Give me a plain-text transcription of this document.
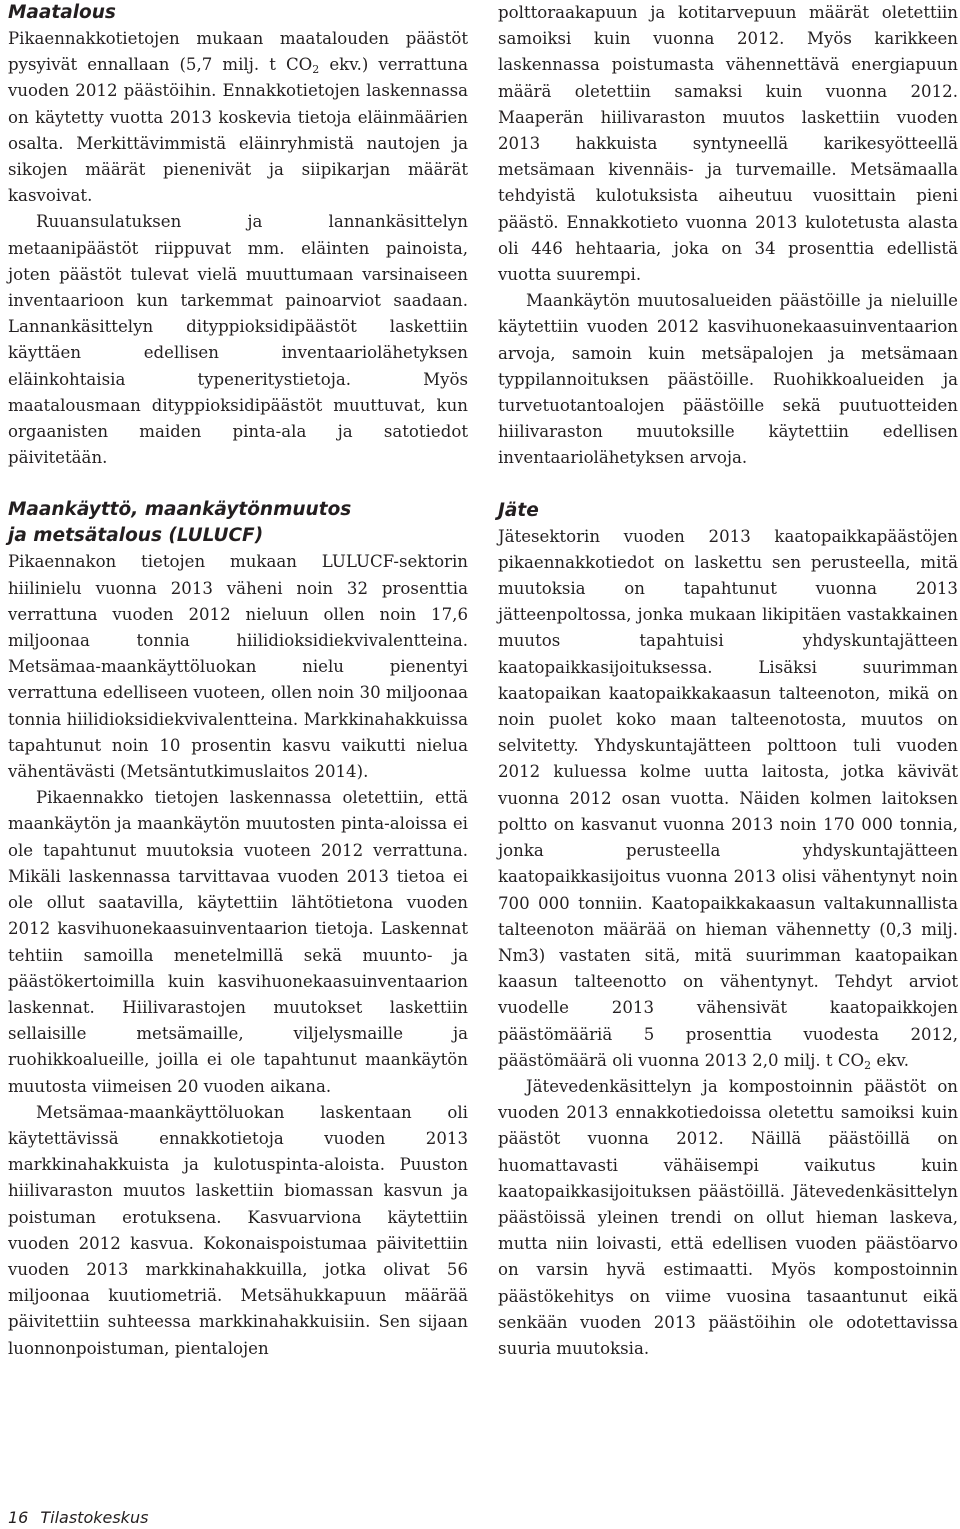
Maatalous

Pikaennakkotietojen mukaan maatalouden päästöt pysyivät ennallaan (5,7 milj. t $CO_2$ ekv.) verrattuna vuoden 2012 päästöihin. Ennakkotietojen laskennassa on käytetty vuotta 2013 koskevia tietoja eläinmäärien osalta. Merkittävimmistä eläinryhmistä nautojen ja sikojen määrät pienenivät ja siipikarjan määrät kasvoivat.

Ruuansulatuksen ja lannankäsittelyn metaanipäästöt riippuvat mm. eläinten painoista, joten päästöt tulevat vielä muuttumaan varsinaiseen inventaarioon kun tarkemmat painoarviot saadaan. Lannankäsittelyn dityppioksidipäästöt laskettiin käyttäen edellisen inventaariolähetyksen eläinkohtaisia typeneritystietoja. Myös maatalousmaan dityppioksidipäästöt muuttuvat, kun orgaanisten maiden pinta-ala ja satotiedot päivitetään.

Maankäyttö, maankäytönmuutos
ja metsätalous (LULUCF)

Pikaennakon tietojen mukaan LULUCF-sektorin hiilinielu vuonna 2013 väheni noin 32 prosenttia verrattuna vuoden 2012 nieluun ollen noin 17,6 miljoonaa tonnia hiilidioksidiekvivalentteina. Metsämaa-maankäyttöluokan nielu pienentyi verrattuna edelliseen vuoteen, ollen noin 30 miljoonaa tonnia hiilidioksidiekvivalentteina. Markkinahakkuissa tapahtunut noin 10 prosentin kasvu vaikutti nielua vähentävästi (Metsäntutkimuslaitos 2014).

Pikaennakko tietojen laskennassa oletettiin, että maankäytön ja maankäytön muutosten pinta-aloissa ei ole tapahtunut muutoksia vuoteen 2012 verrattuna. Mikäli laskennassa tarvittavaa vuoden 2013 tietoa ei ole ollut saatavilla, käytettiin lähtötietona vuoden 2012 kasvihuonekaasuinventaarion tietoja. Laskennat tehtiin samoilla menetelmillä sekä muunto- ja päästökertoimilla kuin kasvihuonekaasuinventaarion laskennat. Hiilivarastojen muutokset laskettiin sellaisille metsämaille, viljelysmaille ja ruohikkoalueille, joilla ei ole tapahtunut maankäytön muutosta viimeisen 20 vuoden aikana.

Metsämaa-maankäyttöluokan laskentaan oli käytettävissä ennakkotietoja vuoden 2013 markkinahakkuista ja kulotuspinta-aloista. Puuston hiilivaraston muutos laskettiin biomassan kasvun ja poistuman erotuksena. Kasvuarviona käytettiin vuoden 2012 kasvua. Kokonaispoistumaa päivitettiin vuoden 2013 markkinahakkuilla, jotka olivat 56 miljoonaa kuutiometriä. Metsähukkapuun määrää päivitettiin suhteessa markkinahakkuisiin. Sen sijaan luonnonpoistuman, pientalojen

polttoraakapuun ja kotitarvepuun määrät oletettiin samoiksi kuin vuonna 2012. Myös karikkeen laskennassa poistumasta vähennettävä energiapuun määrä oletettiin samaksi kuin vuonna 2012. Maaperän hiilivaraston muutos laskettiin vuoden 2013 hakkuista syntyneellä karikesyötteellä metsämaan kivennäis- ja turvemaille. Metsämaalla tehdyistä kulotuksista aiheutuu vuosittain pieni päästö. Ennakkotieto vuonna 2013 kulotetusta alasta oli 446 hehtaaria, joka on 34 prosenttia edellistä vuotta suurempi.

Maankäytön muutosalueiden päästöille ja nieluille käytettiin vuoden 2012 kasvihuonekaasuinventaarion arvoja, samoin kuin metsäpalojen ja metsämaan typpilannoituksen päästöille. Ruohikkoalueiden ja turvetuotantoalojen päästöille sekä puutuotteiden hiilivaraston muutoksille käytettiin edellisen inventaariolähetyksen arvoja.

Jäte

Jätesektorin vuoden 2013 kaatopaikkapäästöjen pikaennakkotiedot on laskettu sen perusteella, mitä muutoksia on tapahtunut vuonna 2013 jätteenpoltossa, jonka mukaan likipitäen vastakkainen muutos tapahtuisi yhdyskuntajätteen kaatopaikkasijoituksessa. Lisäksi suurimman kaatopaikan kaatopaikkakaasun talteenoton, mikä on noin puolet koko maan talteenotosta, muutos on selvitetty. Yhdyskuntajätteen polttoon tuli vuoden 2012 kuluessa kolme uutta laitosta, jotka kävivät vuonna 2012 osan vuotta. Näiden kolmen laitoksen poltto on kasvanut vuonna 2013 noin 170 000 tonnia, jonka perusteella yhdyskuntajätteen kaatopaikkasijoitus vuonna 2013 olisi vähentynyt noin 700 000 tonniin. Kaatopaikkakaasun valtakunnallista talteenoton määrää on hieman vähennetty (0,3 milj. Nm3) vastaten sitä, mitä suurimman kaatopaikan kaasun talteenotto on vähentynyt. Tehdyt arviot vuodelle 2013 vähensivät kaatopaikkojen päästömääriä 5 prosenttia vuodesta 2012, päästömäärä oli vuonna 2013 2,0 milj. t $CO_2$ ekv.

Jätevedenkäsittelyn ja kompostoinnin päästöt on vuoden 2013 ennakkotiedoissa oletettu samoiksi kuin päästöt vuonna 2012. Näillä päästöillä on huomattavasti vähäisempi vaikutus kuin kaatopaikkasijoituksen päästöillä. Jätevedenkäsittelyn päästöissä yleinen trendi on ollut hieman laskeva, mutta niin loivasti, että edellisen vuoden päästöarvo on varsin hyvä estimaatti. Myös kompostoinnin päästökehitys on viime vuosina tasaantunut eikä senkään vuoden 2013 päästöihin ole odotettavissa suuria muutoksia.

16 Tilastokeskus
